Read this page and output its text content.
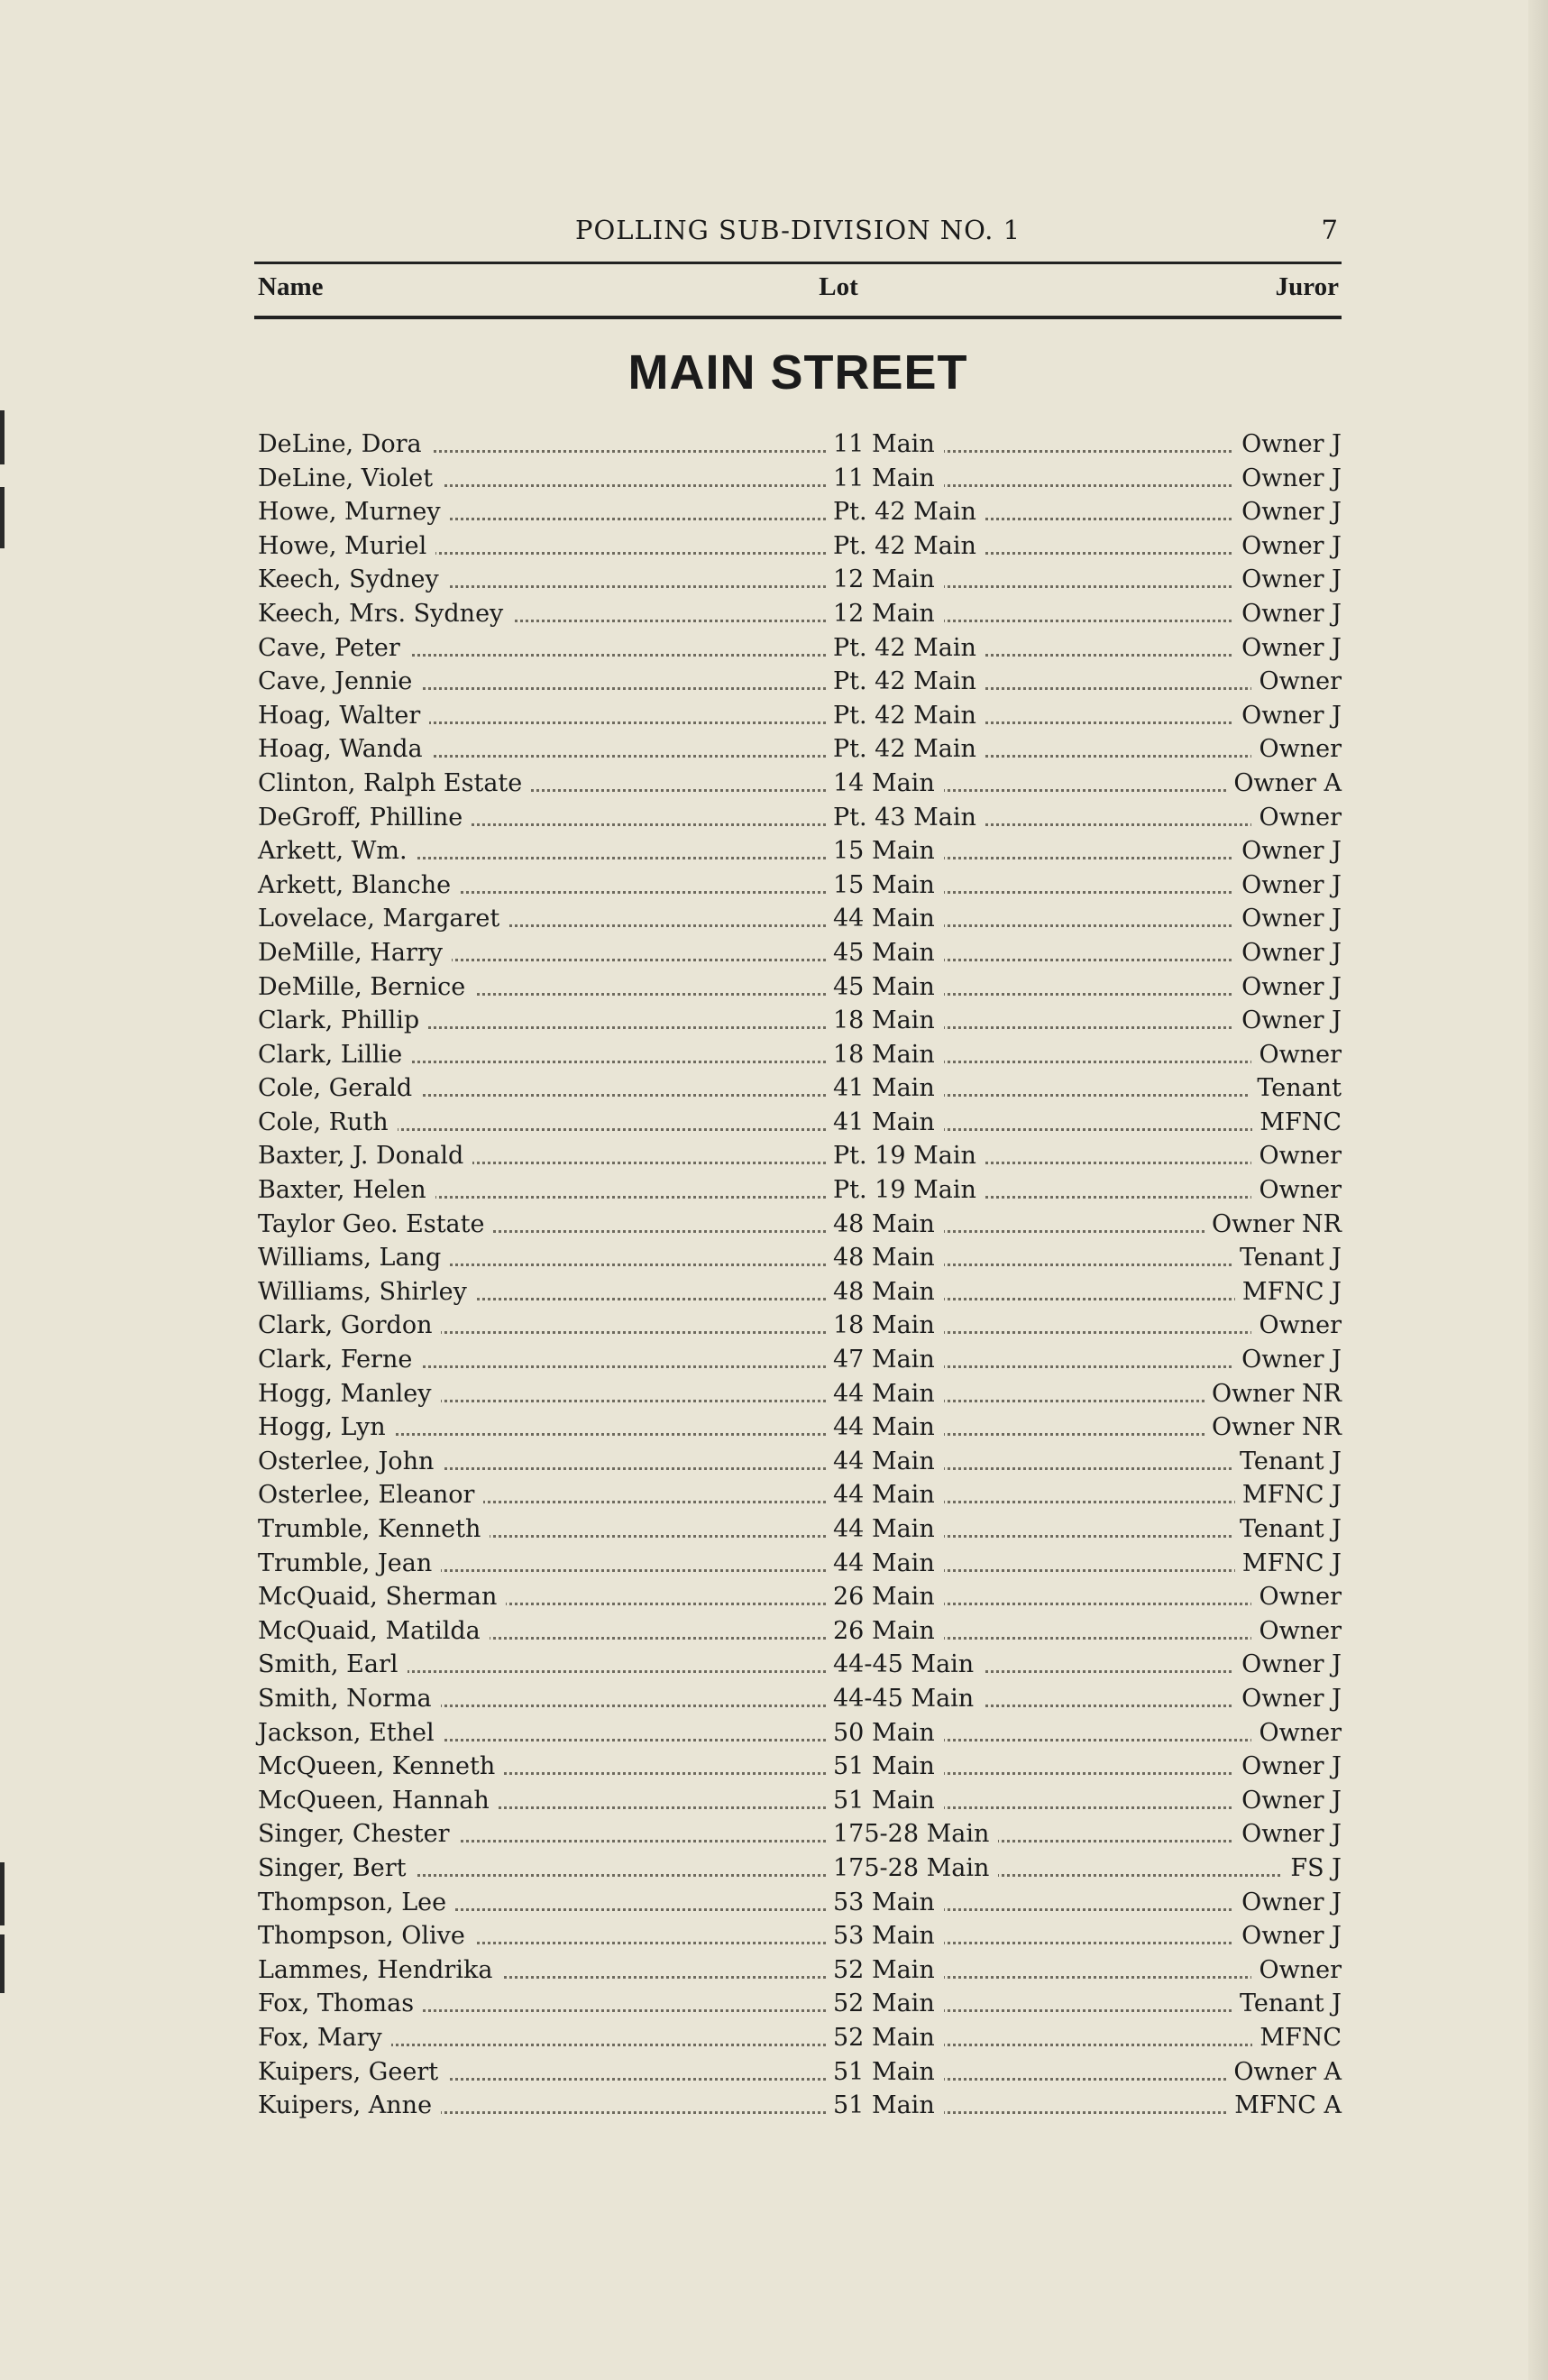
POLLING SUB-DIVISION NO. 1	7
Name	Lot	Juror
MAIN STREET
DeLine, Dora	11 Main	Owner J
DeLine, Violet	11 Main	Owner J
Howe, Murney	Pt. 42 Main	Owner J
Howe, Muriel	Pt. 42 Main	Owner J
Keech, Sydney	12 Main	Owner J
Keech, Mrs. Sydney	12 Main	Owner J
Cave, Peter	Pt. 42 Main	Owner J
Cave, Jennie	Pt. 42 Main	Owner
Hoag, Walter	Pt. 42 Main	Owner J
Hoag, Wanda	Pt. 42 Main	Owner
Clinton, Ralph Estate	14 Main	Owner A
DeGroff, Philline	Pt. 43 Main	Owner
Arkett, Wm.	15 Main	Owner J
Arkett, Blanche	15 Main	Owner J
Lovelace, Margaret	44 Main	Owner J
DeMille, Harry	45 Main	Owner J
DeMille, Bernice	45 Main	Owner J
Clark, Phillip	18 Main	Owner J
Clark, Lillie	18 Main	Owner
Cole, Gerald	41 Main	Tenant
Cole, Ruth	41 Main	MFNC
Baxter, J. Donald	Pt. 19 Main	Owner
Baxter, Helen	Pt. 19 Main	Owner
Taylor Geo. Estate	48 Main	Owner NR
Williams, Lang	48 Main	Tenant J
Williams, Shirley	48 Main	MFNC J
Clark, Gordon	18 Main	Owner
Clark, Ferne	47 Main	Owner J
Hogg, Manley	44 Main	Owner NR
Hogg, Lyn	44 Main	Owner NR
Osterlee, John	44 Main	Tenant J
Osterlee, Eleanor	44 Main	MFNC J
Trumble, Kenneth	44 Main	Tenant J
Trumble, Jean	44 Main	MFNC J
McQuaid, Sherman	26 Main	Owner
McQuaid, Matilda	26 Main	Owner
Smith, Earl	44-45 Main	Owner J
Smith, Norma	44-45 Main	Owner J
Jackson, Ethel	50 Main	Owner
McQueen, Kenneth	51 Main	Owner J
McQueen, Hannah	51 Main	Owner J
Singer, Chester	175-28 Main	Owner J
Singer, Bert	175-28 Main	FS J
Thompson, Lee	53 Main	Owner J
Thompson, Olive	53 Main	Owner J
Lammes, Hendrika	52 Main	Owner
Fox, Thomas	52 Main	Tenant J
Fox, Mary	52 Main	MFNC
Kuipers, Geert	51 Main	Owner A
Kuipers, Anne	51 Main	MFNC A
